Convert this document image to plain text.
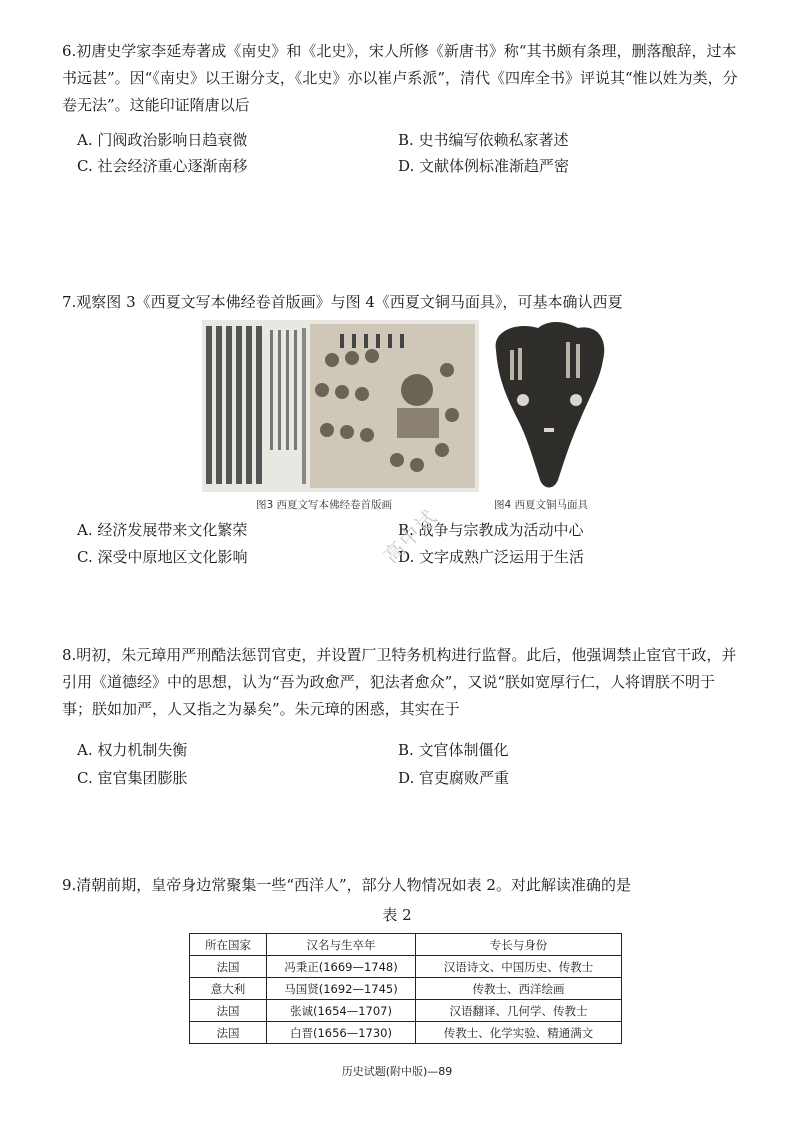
6.初唐史学家李延寿著成《南史》和《北史》，宋人所修《新唐书》称“其书颇有条理，删落酿辞，过本书远甚”。因“《南史》以王谢分支，《北史》亦以崔卢系派”，清代《四库全书》评说其“惟以姓为类，分卷无法”。这能印证隋唐以后

A. 门阀政治影响日趋衰微	B. 史书编写依赖私家著述
C. 社会经济重心逐渐南移	D. 文献体例标准渐趋严密

7.观察图 3《西夏文写本佛经卷首版画》与图 4《西夏文铜马面具》，可基本确认西夏

图3 西夏文写本佛经卷首版画	图4 西夏文铜马面具
A. 经济发展带来文化繁荣	B. 战争与宗教成为活动中心
C. 深受中原地区文化影响	D. 文字成熟广泛运用于生活
高中试

8.明初，朱元璋用严刑酷法惩罚官吏，并设置厂卫特务机构进行监督。此后，他强调禁止宦官干政，并引用《道德经》中的思想，认为“吾为政愈严，犯法者愈众”，又说“朕如宽厚行仁，人将谓朕不明于事；朕如加严，人又指之为暴矣”。朱元璋的困惑，其实在于

A. 权力机制失衡	B. 文官体制僵化
C. 宦官集团膨胀	D. 官吏腐败严重

9.清朝前期，皇帝身边常聚集一些“西洋人”，部分人物情况如表 2。对此解读准确的是

表 2
所在国家	汉名与生卒年	专长与身份
法国	冯秉正(1669—1748)	汉语诗文、中国历史、传教士
意大利	马国贤(1692—1745)	传教士、西洋绘画
法国	张诚(1654—1707)	汉语翻译、几何学、传教士
法国	白晋(1656—1730)	传教士、化学实验、精通满文
历史试题(附中版)—89
